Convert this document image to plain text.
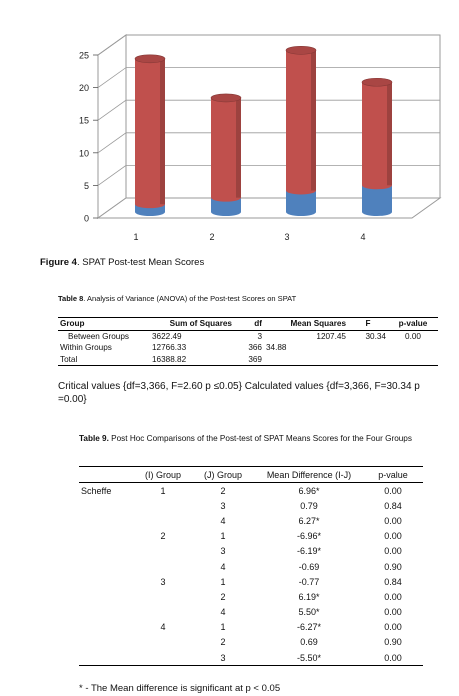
0
5
10
15
20
25
1	2	3	4
Figure 4. SPAT Post-test Mean Scores
Table 8. Analysis of Variance (ANOVA) of the Post-test Scores on SPAT
Group	Sum of Squares	df	Mean Squares	F	p-value
Between Groups	3622.49	3	1207.45	30.34	0.00
Within Groups	12766.33	366	34.88		
Total	16388.82	369			
Critical values {df=3,366, F=2.60 p ≤0.05} Calculated values {df=3,366, F=30.34 p =0.00}
Table 9. Post Hoc Comparisons of the Post-test of SPAT Means Scores for the Four Groups
	(I) Group	(J) Group	Mean Difference (I-J)	p-value
Scheffe	1	2	6.96*	0.00
		3	0.79	0.84
		4	6.27*	0.00
	2	1	-6.96*	0.00
		3	-6.19*	0.00
		4	-0.69	0.90
	3	1	-0.77	0.84
		2	6.19*	0.00
		4	5.50*	0.00
	4	1	-6.27*	0.00
		2	0.69	0.90
		3	-5.50*	0.00
* - The Mean difference is significant at p < 0.05
